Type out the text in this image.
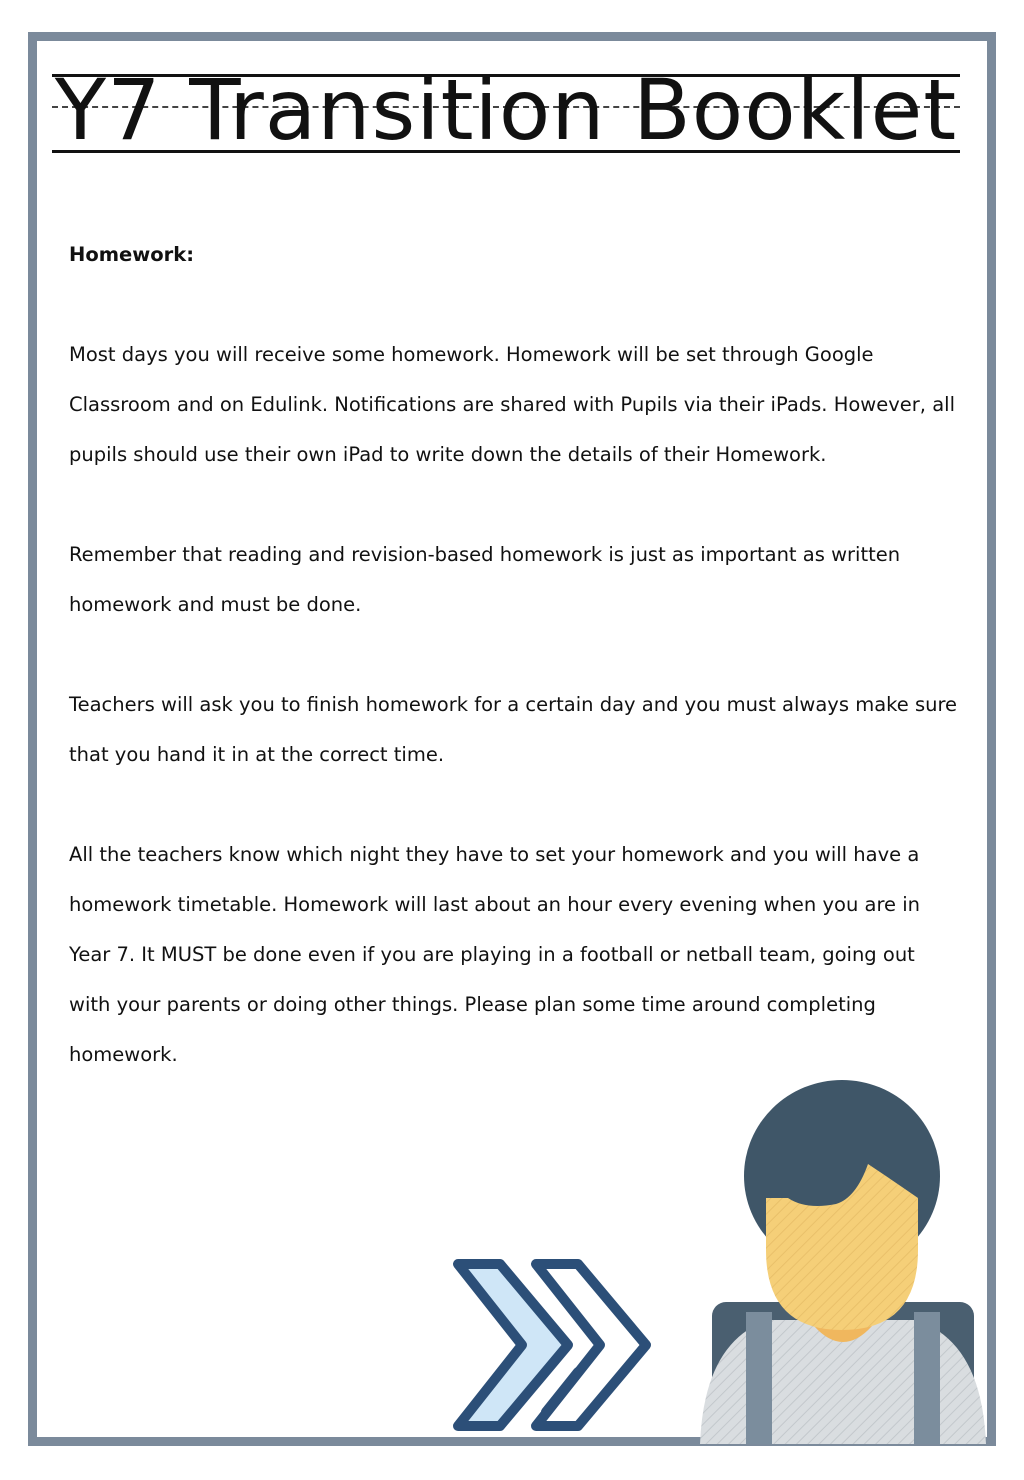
Y7 Transition Booklet

Homework:

Most days you will receive some homework. Homework will be set through Google Classroom and on Edulink. Notifications are shared with Pupils via their iPads. However, all pupils should use their own iPad to write down the details of their Homework.

Remember that reading and revision-based homework is just as important as written homework and must be done.

Teachers will ask you to finish homework for a certain day and you must always make sure that you hand it in at the correct time.

All the teachers know which night they have to set your homework and you will have a homework timetable. Homework will last about an hour every evening when you are in Year 7. It MUST be done even if you are playing in a football or netball team, going out with your parents or doing other things. Please plan some time around completing homework.
